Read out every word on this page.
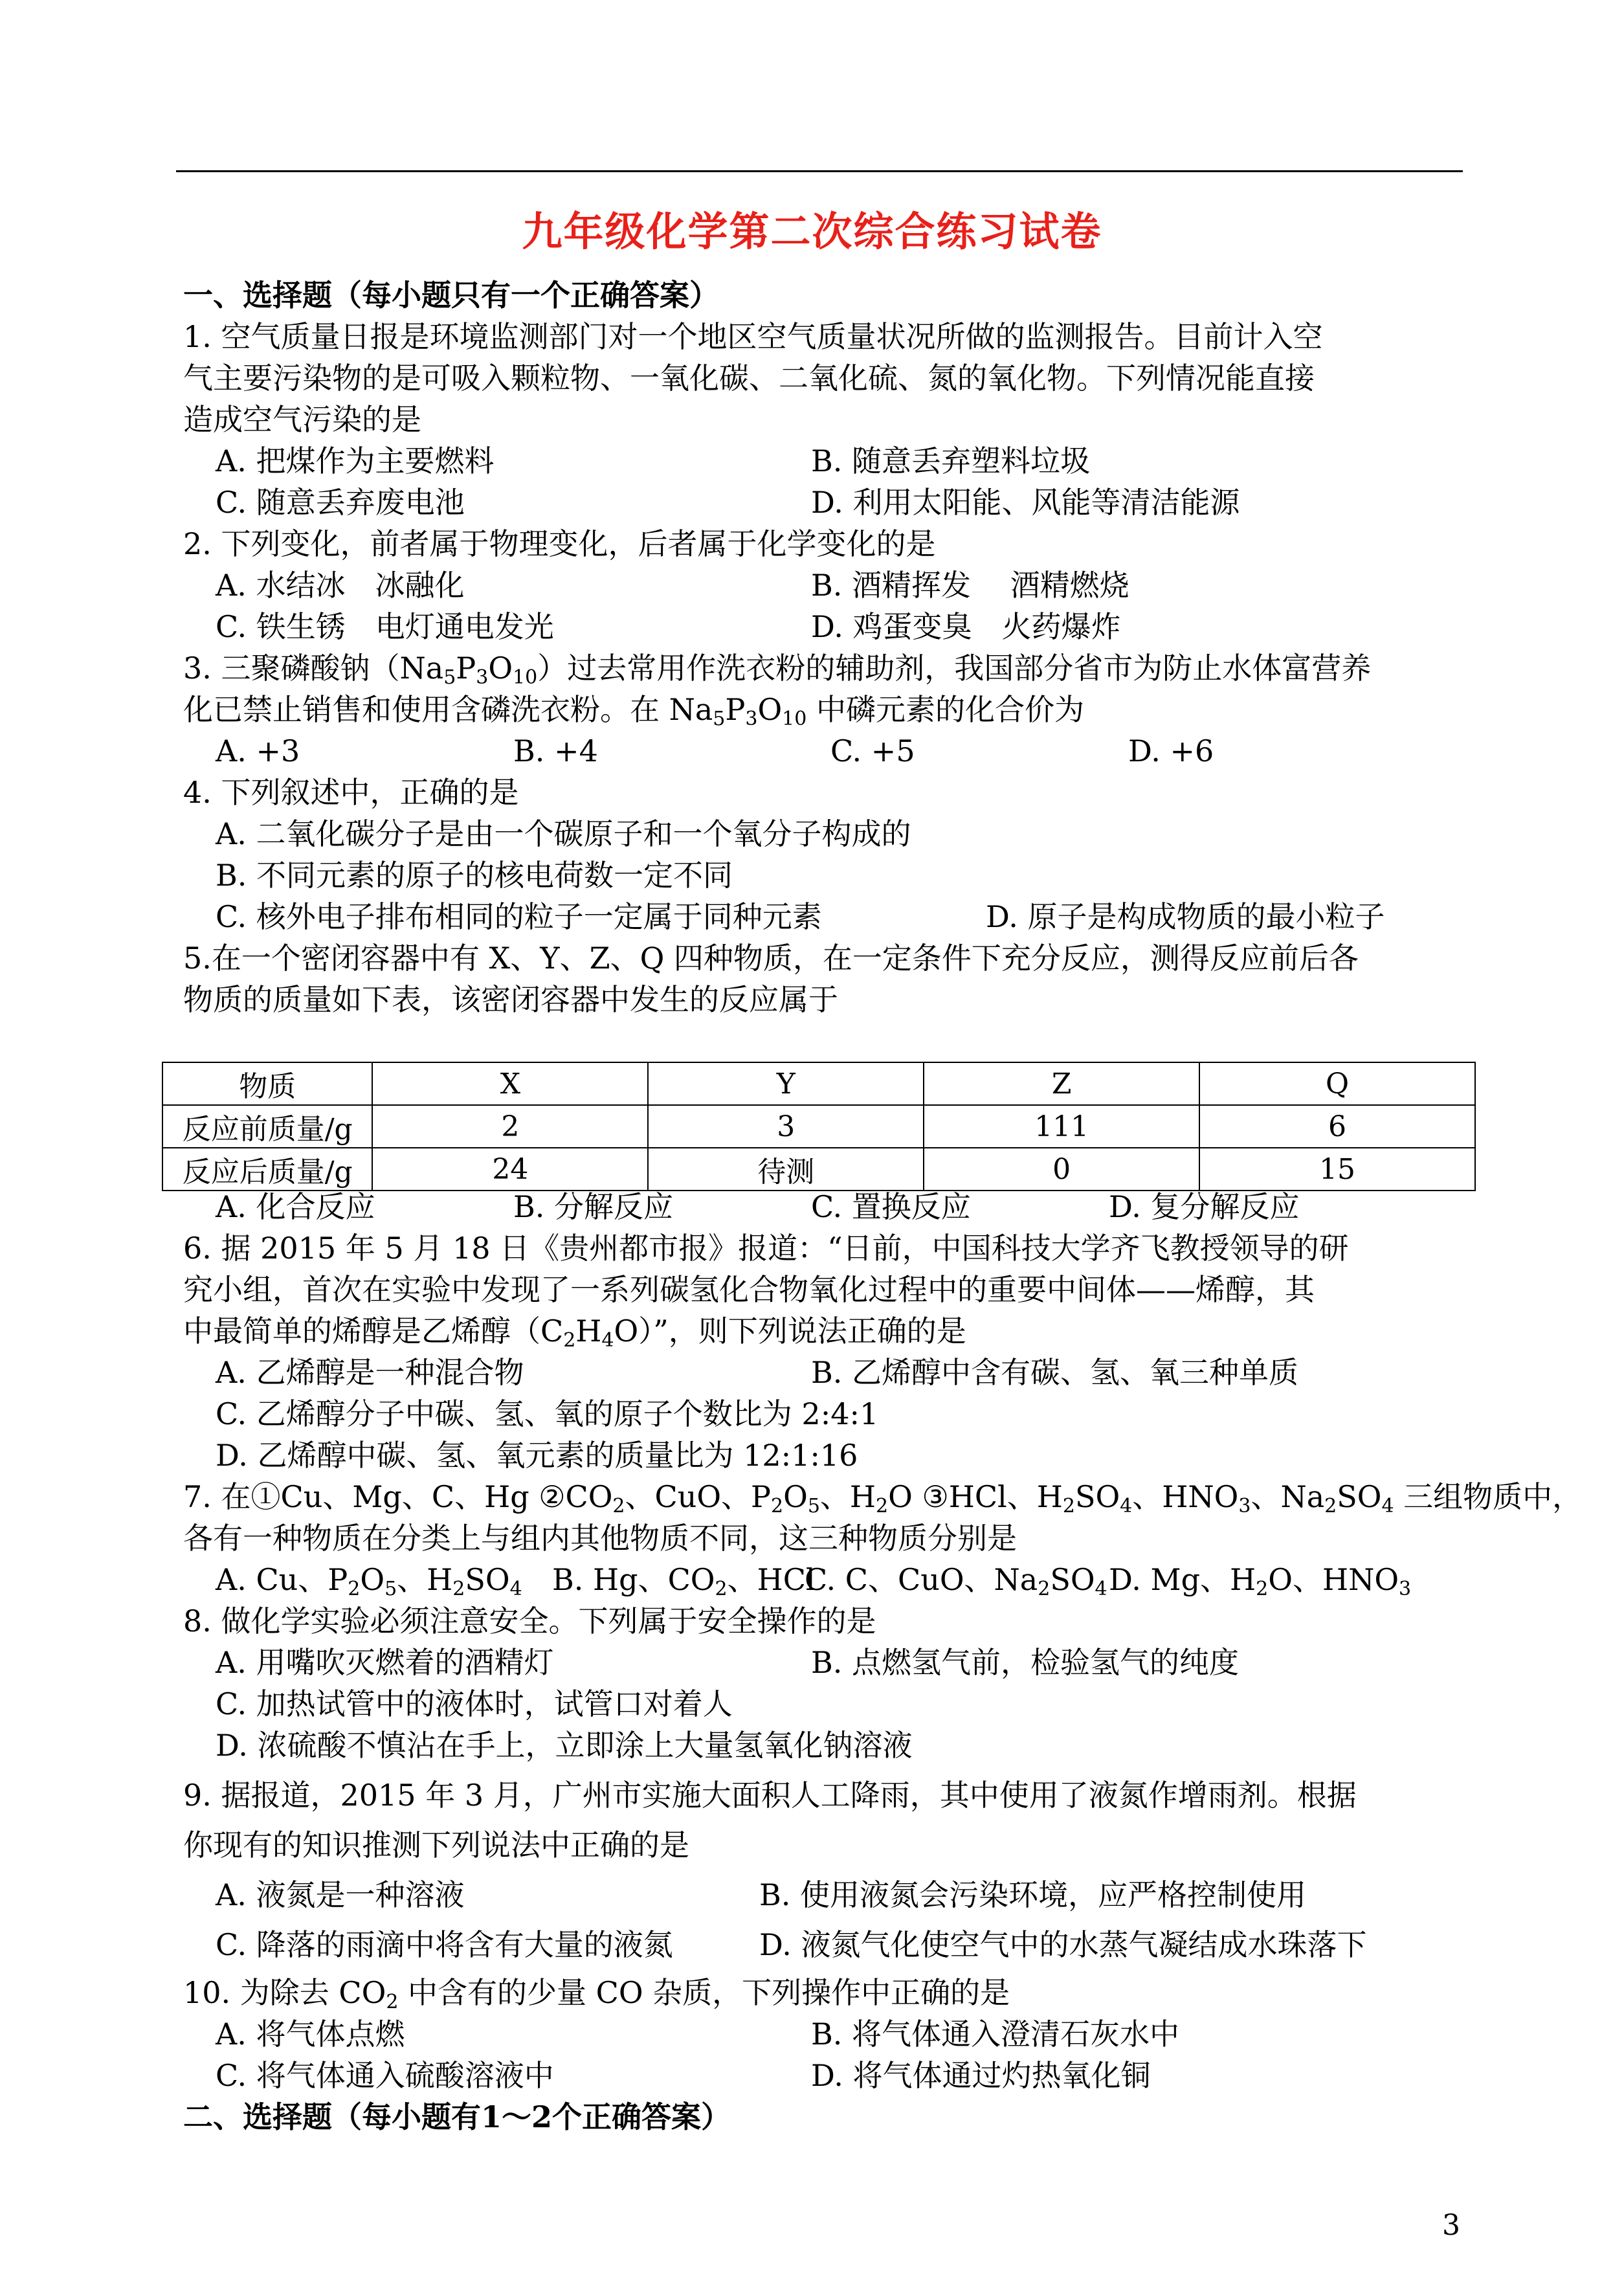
九年级化学第二次综合练习试卷
一、选择题（每小题只有一个正确答案）
1. 空气质量日报是环境监测部门对一个地区空气质量状况所做的监测报告。目前计入空
气主要污染物的是可吸入颗粒物、一氧化碳、二氧化硫、氮的氧化物。下列情况能直接
造成空气污染的是
A. 把煤作为主要燃料	B. 随意丢弃塑料垃圾
C. 随意丢弃废电池	D. 利用太阳能、风能等清洁能源
2. 下列变化，前者属于物理变化，后者属于化学变化的是
A. 水结冰　冰融化	B. 酒精挥发　 酒精燃烧
C. 铁生锈　电灯通电发光	D. 鸡蛋变臭　火药爆炸
3. 三聚磷酸钠$(Na_5P_3O_{10})$过去常用作洗衣粉的辅助剂，我国部分省市为防止水体富营养
化已禁止销售和使用含磷洗衣粉。在 $Na_5P_3O_{10}$ 中磷元素的化合价为
A. +3	B. +4	C. +5	D. +6
4. 下列叙述中，正确的是
A. 二氧化碳分子是由一个碳原子和一个氧分子构成的
B. 不同元素的原子的核电荷数一定不同
C. 核外电子排布相同的粒子一定属于同种元素	D. 原子是构成物质的最小粒子
5.在一个密闭容器中有 X、Y、Z、Q 四种物质，在一定条件下充分反应，测得反应前后各
物质的质量如下表，该密闭容器中发生的反应属于
物质	X	Y	Z	Q
反应前质量/g	2	3	111	6
反应后质量/g	24	待测	0	15
A. 化合反应	B. 分解反应	C. 置换反应	D. 复分解反应
6. 据 2015 年 5 月 18 日《贵州都市报》报道：“日前，中国科技大学齐飞教授领导的研
究小组，首次在实验中发现了一系列碳氢化合物氧化过程中的重要中间体——烯醇，其
中最简单的烯醇是乙烯醇$(C_2H_4O)$”，则下列说法正确的是
A. 乙烯醇是一种混合物	B. 乙烯醇中含有碳、氢、氧三种单质
C. 乙烯醇分子中碳、氢、氧的原子个数比为 2:4:1
D. 乙烯醇中碳、氢、氧元素的质量比为 12:1:16
7. 在①Cu、Mg、C、Hg $②CO_2$、CuO、$P_2O_5$、$H_2O$ ③HCl、$H_2SO_4$、$HNO_3$、$Na_2SO_4$ 三组物质中，
各有一种物质在分类上与组内其他物质不同，这三种物质分别是
A. Cu、$P_2O_5$、$H_2SO_4$ B. Hg、$CO_2$、HCl
C. C、CuO、$Na_2SO_4$ D. Mg、$H_2O$、$HNO_3$
8. 做化学实验必须注意安全。下列属于安全操作的是
A. 用嘴吹灭燃着的酒精灯	B. 点燃氢气前，检验氢气的纯度
C. 加热试管中的液体时，试管口对着人
D. 浓硫酸不慎沾在手上，立即涂上大量氢氧化钠溶液
9. 据报道，2015 年 3 月，广州市实施大面积人工降雨，其中使用了液氮作增雨剂。根据
你现有的知识推测下列说法中正确的是
A. 液氮是一种溶液	B. 使用液氮会污染环境，应严格控制使用
C. 降落的雨滴中将含有大量的液氮	D. 液氮气化使空气中的水蒸气凝结成水珠落下
10. 为除去 $CO_2$ 中含有的少量 CO 杂质，下列操作中正确的是
A. 将气体点燃	B. 将气体通入澄清石灰水中
C. 将气体通入硫酸溶液中	D. 将气体通过灼热氧化铜
二、选择题（每小题有1～2个正确答案）
3
